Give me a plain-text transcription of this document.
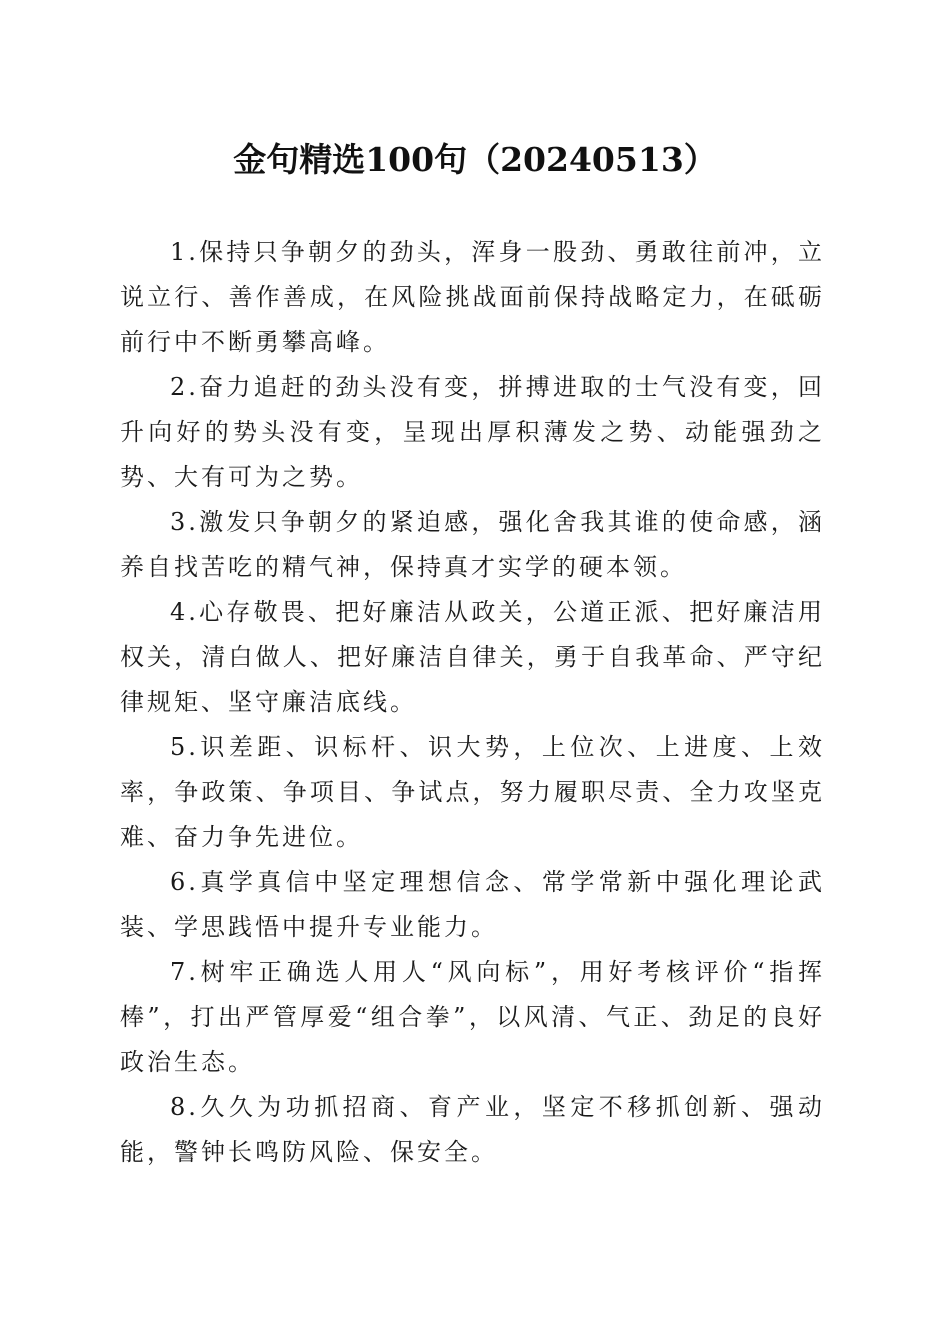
金句精选100句（20240513）

1.保持只争朝夕的劲头，浑身一股劲、勇敢往前冲，立说立行、善作善成，在风险挑战面前保持战略定力，在砥砺前行中不断勇攀高峰。

2.奋力追赶的劲头没有变，拼搏进取的士气没有变，回升向好的势头没有变，呈现出厚积薄发之势、动能强劲之势、大有可为之势。

3.激发只争朝夕的紧迫感，强化舍我其谁的使命感，涵养自找苦吃的精气神，保持真才实学的硬本领。

4.心存敬畏、把好廉洁从政关，公道正派、把好廉洁用权关，清白做人、把好廉洁自律关，勇于自我革命、严守纪律规矩、坚守廉洁底线。

5.识差距、识标杆、识大势，上位次、上进度、上效率，争政策、争项目、争试点，努力履职尽责、全力攻坚克难、奋力争先进位。

6.真学真信中坚定理想信念、常学常新中强化理论武装、学思践悟中提升专业能力。

7.树牢正确选人用人“风向标”，用好考核评价“指挥棒”，打出严管厚爱“组合拳”，以风清、气正、劲足的良好政治生态。

8.久久为功抓招商、育产业，坚定不移抓创新、强动能，警钟长鸣防风险、保安全。
